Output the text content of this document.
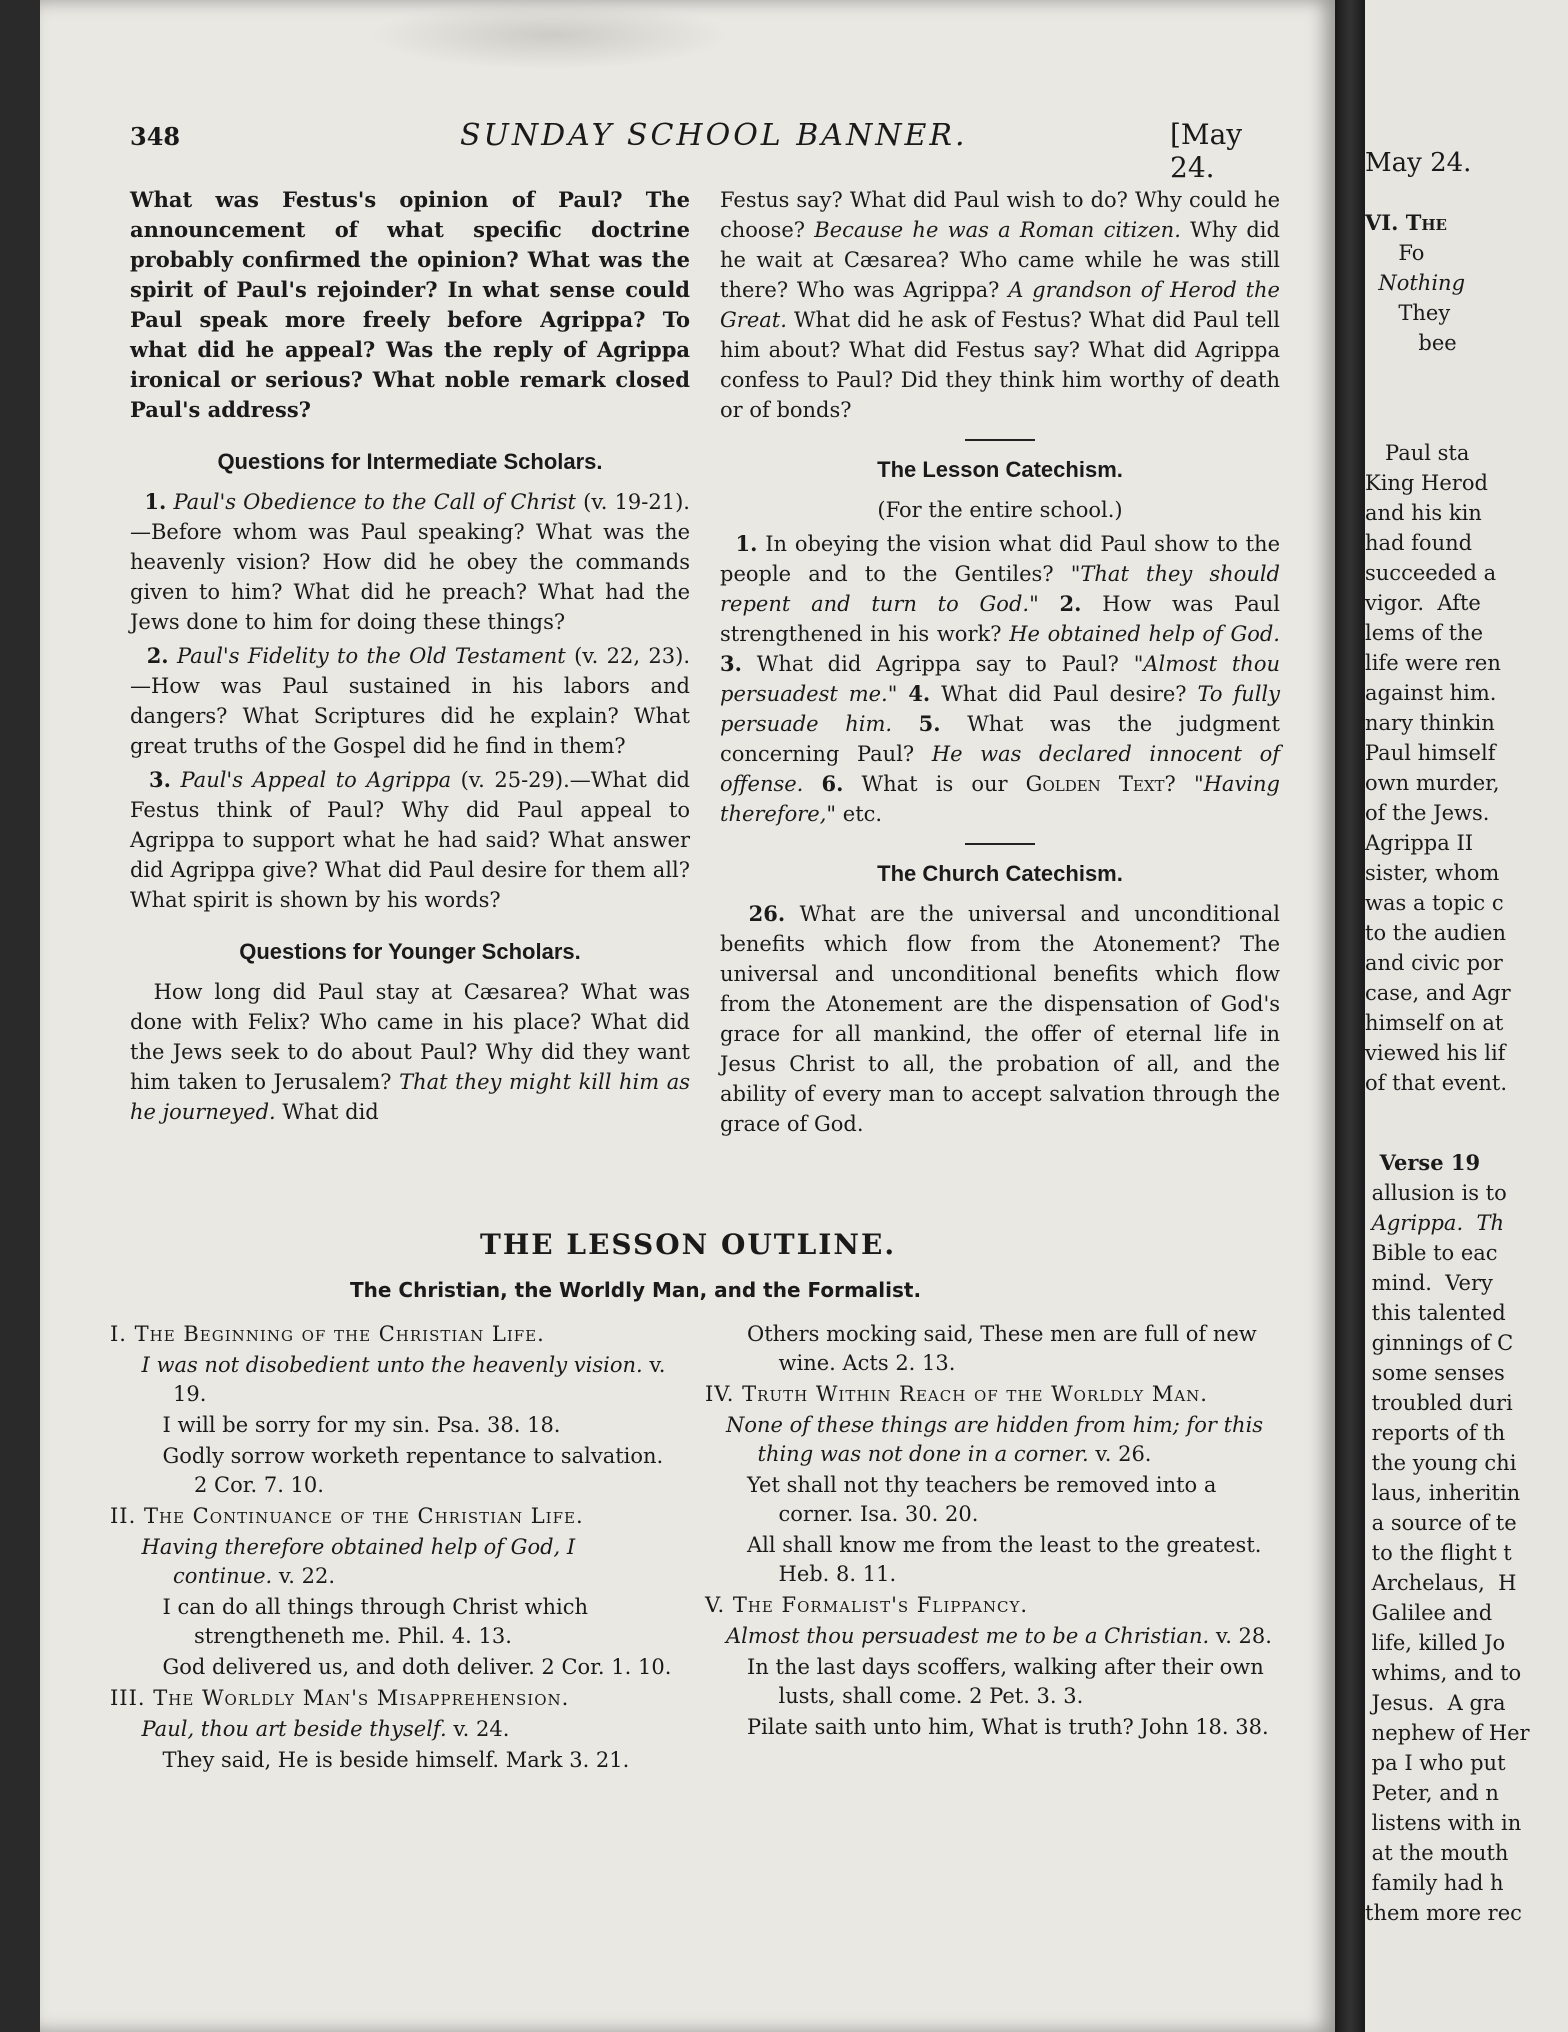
May 24.
VI. The
Fo
Nothing
They
bee
Paul sta
King Herod
and his kin
had found
succeeded a
vigor.  Afte
lems of the
life were ren
against him.
nary thinkin
Paul himself
own murder,
of the Jews.
Agrippa II
sister, whom
was a topic c
to the audien
and civic por
case, and Agr
himself on at
viewed his lif
of that event.
Verse 19
allusion is to
Agrippa.  Th
Bible to eac
mind.  Very
this talented
ginnings of C
some senses
troubled duri
reports of th
the young chi
laus, inheritin
a source of te
to the flight t
Archelaus,  H
Galilee and
life, killed Jo
whims, and to
Jesus.  A gra
nephew of Her
pa I who put
Peter, and n
listens with in
at the mouth
family had h
them more rec
348	SUNDAY SCHOOL BANNER.	[May 24.

What was Festus's opinion of Paul? The announcement of what specific doctrine probably confirmed the opinion? What was the spirit of Paul's rejoinder? In what sense could Paul speak more freely before Agrippa? To what did he appeal? Was the reply of Agrippa ironical or serious? What noble remark closed Paul's address?

Questions for Intermediate Scholars.

1. Paul's Obedience to the Call of Christ (v. 19-21).—Before whom was Paul speaking? What was the heavenly vision? How did he obey the commands given to him? What did he preach? What had the Jews done to him for doing these things?

2. Paul's Fidelity to the Old Testament (v. 22, 23).—How was Paul sustained in his labors and dangers? What Scriptures did he explain? What great truths of the Gospel did he find in them?

3. Paul's Appeal to Agrippa (v. 25-29).—What did Festus think of Paul? Why did Paul appeal to Agrippa to support what he had said? What answer did Agrippa give? What did Paul desire for them all? What spirit is shown by his words?

Questions for Younger Scholars.

How long did Paul stay at Cæsarea? What was done with Felix? Who came in his place? What did the Jews seek to do about Paul? Why did they want him taken to Jerusalem? That they might kill him as he journeyed. What did

Festus say? What did Paul wish to do? Why could he choose? Because he was a Roman citizen. Why did he wait at Cæsarea? Who came while he was still there? Who was Agrippa? A grandson of Herod the Great. What did he ask of Festus? What did Paul tell him about? What did Festus say? What did Agrippa confess to Paul? Did they think him worthy of death or of bonds?

The Lesson Catechism.

(For the entire school.)

1. In obeying the vision what did Paul show to the people and to the Gentiles? "That they should repent and turn to God." 2. How was Paul strengthened in his work? He obtained help of God. 3. What did Agrippa say to Paul? "Almost thou persuadest me." 4. What did Paul desire? To fully persuade him. 5. What was the judgment concerning Paul? He was declared innocent of offense. 6. What is our Golden Text? "Having therefore," etc.

The Church Catechism.

26. What are the universal and unconditional benefits which flow from the Atonement? The universal and unconditional benefits which flow from the Atonement are the dispensation of God's grace for all mankind, the offer of eternal life in Jesus Christ to all, the probation of all, and the ability of every man to accept salvation through the grace of God.

THE LESSON OUTLINE.
The Christian, the Worldly Man, and the Formalist.
I. The Beginning of the Christian Life.
I was not disobedient unto the heavenly vision. v. 19.
I will be sorry for my sin. Psa. 38. 18.
Godly sorrow worketh repentance to salvation. 2 Cor. 7. 10.
II. The Continuance of the Christian Life.
Having therefore obtained help of God, I continue. v. 22.
I can do all things through Christ which strengtheneth me. Phil. 4. 13.
God delivered us, and doth deliver. 2 Cor. 1. 10.
III. The Worldly Man's Misapprehension.
Paul, thou art beside thyself. v. 24.
They said, He is beside himself. Mark 3. 21.
Others mocking said, These men are full of new wine. Acts 2. 13.
IV. Truth Within Reach of the Worldly Man.
None of these things are hidden from him; for this thing was not done in a corner. v. 26.
Yet shall not thy teachers be removed into a corner. Isa. 30. 20.
All shall know me from the least to the greatest. Heb. 8. 11.
V. The Formalist's Flippancy.
Almost thou persuadest me to be a Christian. v. 28.
In the last days scoffers, walking after their own lusts, shall come. 2 Pet. 3. 3.
Pilate saith unto him, What is truth? John 18. 38.
